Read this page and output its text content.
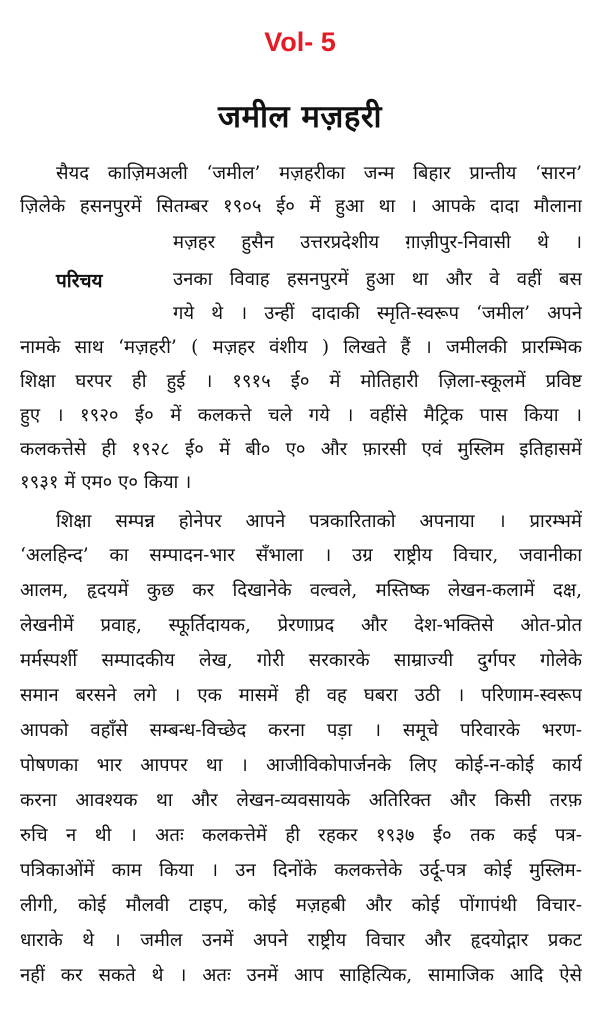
Vol- 5
जमील मज़हरी
परिचय
सैयद काज़िमअली ‘जमील’ मज़हरीका जन्म बिहार प्रान्तीय ‘सारन’
ज़िलेके हसनपुरमें सितम्बर १९०५ ई० में हुआ था । आपके दादा मौलाना
मज़हर हुसैन उत्तरप्रदेशीय ग़ाज़ीपुर-निवासी थे ।
उनका विवाह हसनपुरमें हुआ था और वे वहीं बस
गये थे । उन्हीं दादाकी स्मृति-स्वरूप ‘जमील’ अपने
नामके साथ ‘मज़हरी’ ( मज़हर वंशीय ) लिखते हैं । जमीलकी प्रारम्भिक
शिक्षा घरपर ही हुई । १९१५ ई० में मोतिहारी ज़िला-स्कूलमें प्रविष्ट
हुए । १९२० ई० में कलकत्ते चले गये । वहींसे मैट्रिक पास किया ।
कलकत्तेसे ही १९२८ ई० में बी० ए० और फ़ारसी एवं मुस्लिम इतिहासमें
१९३१ में एम० ए० किया ।
शिक्षा सम्पन्न होनेपर आपने पत्रकारिताको अपनाया । प्रारम्भमें
‘अलहिन्द’ का सम्पादन-भार सँभाला । उग्र राष्ट्रीय विचार, जवानीका
आलम, हृदयमें कुछ कर दिखानेके वल्वले, मस्तिष्क लेखन-कलामें दक्ष,
लेखनीमें प्रवाह, स्फूर्तिदायक, प्रेरणाप्रद और देश-भक्तिसे ओत-प्रोत
मर्मस्पर्शी सम्पादकीय लेख, गोरी सरकारके साम्राज्यी दुर्गपर गोलेके
समान बरसने लगे । एक मासमें ही वह घबरा उठी । परिणाम-स्वरूप
आपको वहाँसे सम्बन्ध-विच्छेद करना पड़ा । समूचे परिवारके भरण-
पोषणका भार आपपर था । आजीविकोपार्जनके लिए कोई-न-कोई कार्य
करना आवश्यक था और लेखन-व्यवसायके अतिरिक्त और किसी तरफ़
रुचि न थी । अतः कलकत्तेमें ही रहकर १९३७ ई० तक कई पत्र-
पत्रिकाओंमें काम किया । उन दिनोंके कलकत्तेके उर्दू-पत्र कोई मुस्लिम-
लीगी, कोई मौलवी टाइप, कोई मज़हबी और कोई पोंगापंथी विचार-
धाराके थे । जमील उनमें अपने राष्ट्रीय विचार और हृदयोद्गार प्रकट
नहीं कर सकते थे । अतः उनमें आप साहित्यिक, सामाजिक आदि ऐसे
